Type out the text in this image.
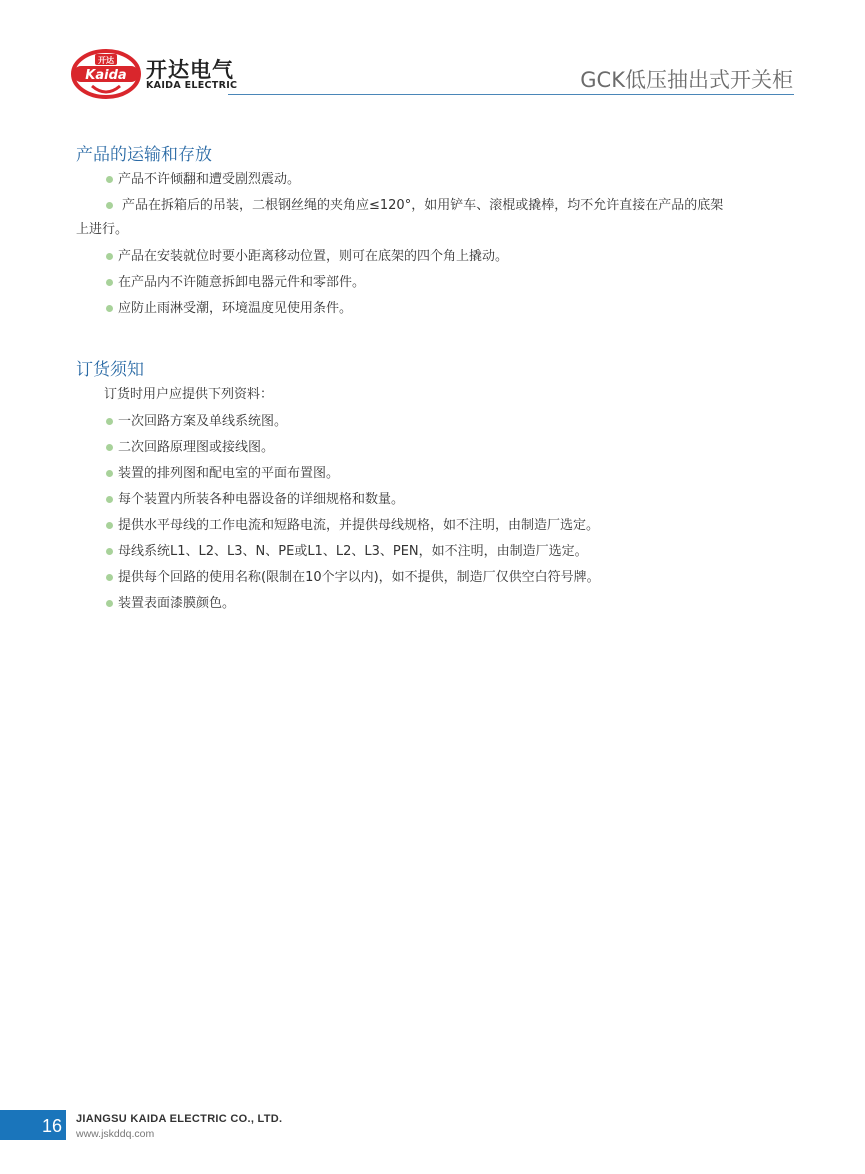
开达
Kaida 开达电气
KAIDA ELECTRIC	GCK低压抽出式开关柜
产品的运输和存放
产品不许倾翻和遭受剧烈震动。
产品在拆箱后的吊装，二根钢丝绳的夹角应≤120°，如用铲车、滚棍或撬棒，均不允许直接在产品的底架
上进行。
产品在安装就位时要小距离移动位置，则可在底架的四个角上撬动。
在产品内不许随意拆卸电器元件和零部件。
应防止雨淋受潮，环境温度见使用条件。
订货须知
订货时用户应提供下列资料：
一次回路方案及单线系统图。
二次回路原理图或接线图。
装置的排列图和配电室的平面布置图。
每个装置内所装各种电器设备的详细规格和数量。
提供水平母线的工作电流和短路电流，并提供母线规格，如不注明，由制造厂选定。
母线系统L1、L2、L3、N、PE或L1、L2、L3、PEN，如不注明，由制造厂选定。
提供每个回路的使用名称(限制在10个字以内)，如不提供，制造厂仅供空白符号牌。
装置表面漆膜颜色。
16	JIANGSU KAIDA ELECTRIC CO., LTD.
www.jskddq.com
